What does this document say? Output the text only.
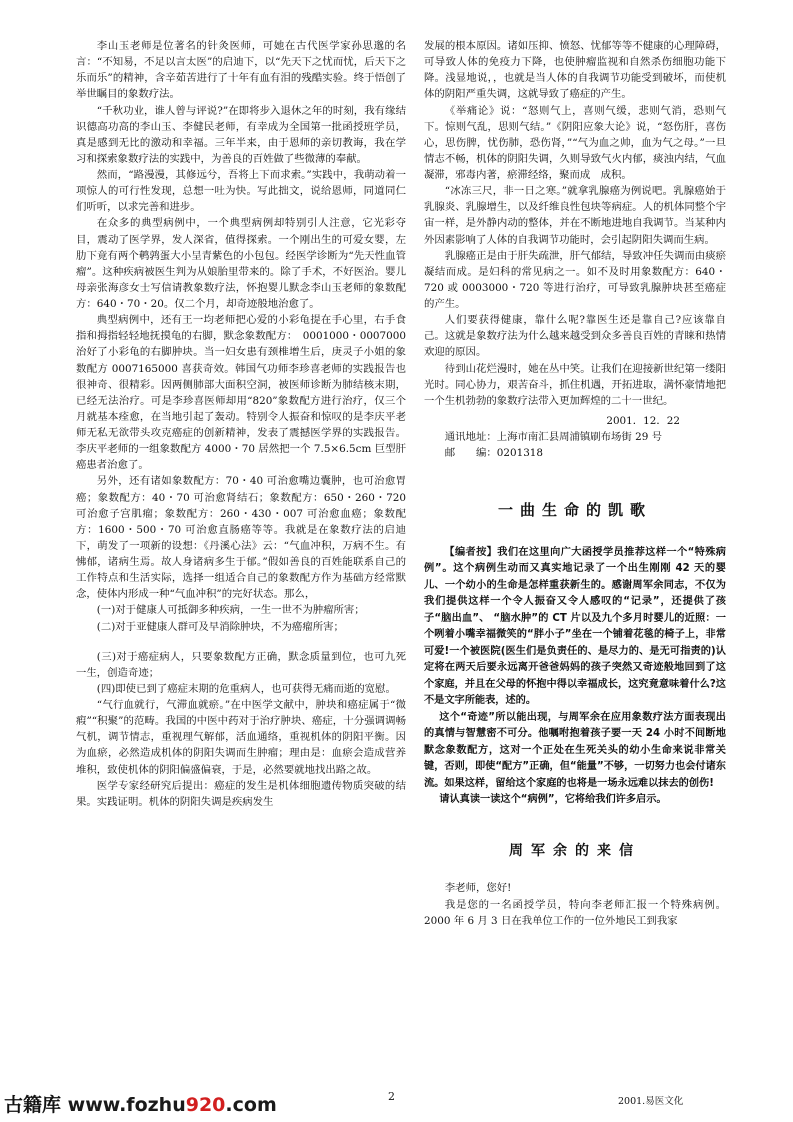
李山玉老师是位著名的针灸医师，可她在古代医学家孙思邈的名言：“不知易，不足以言太医”的启迪下，以“先天下之忧而忧，后天下之乐而乐”的精神，含辛茹苦进行了十年有血有泪的残酷实验。终于悟创了举世瞩目的象数疗法。

“千秋功业，谁人曾与评说?”在即将步入退休之年的时刻，我有缘结识德高功高的李山玉、李健民老师，有幸成为全国第一批函授班学员，真是感到无比的激动和幸福。三年半来，由于恩师的亲切教诲，我在学习和探索象数疗法的实践中，为善良的百姓做了些微薄的奉献。

然而，“路漫漫，其修远兮，吾将上下而求索。”实践中，我萌动着一项惊人的可行性发现，总想一吐为快。写此拙文，说给恩师，同道同仁们听听，以求完善和进步。

在众多的典型病例中，一个典型病例却特别引人注意，它光彩夺目，震动了医学界，发人深省，值得探索。一个刚出生的可爱女婴，左肋下竟有两个鹌鹑蛋大小呈青紫色的小包包。经医学诊断为“先天性血管瘤”。这种疾病被医生判为从娘胎里带来的。除了手术，不好医治。婴儿母亲张海彦女士写信请教象数疗法，怀抱婴儿默念李山玉老师的象数配方：640・70・20。仅二个月，却奇迹般地治愈了。

典型病例中，还有王一均老师把心爱的小彩龟提在手心里，右手食指和拇指轻轻地抚摸龟的右脚，默念象数配方：　0001000・0007000 治好了小彩龟的右脚肿块。当一妇女患有颈椎增生后，庚灵子小姐的象数配方 0007165000 喜获奇效。韩国气功师李珍喜老师的实践报告也很神奇、很精彩。因两侧肺部大面积空洞，被医师诊断为肺结核末期，已经无法治疗。可是李珍喜医师却用“820”象数配方进行治疗，仅三个月就基本痊愈，在当地引起了轰动。特别令人振奋和惊叹的是李庆平老师无私无欲带头攻克癌症的创新精神，发表了震撼医学界的实践报告。李庆平老师的一组象数配方 4000・70 居然把一个 7.5×6.5cm 巨型肝癌患者治愈了。

另外，还有诸如象数配方：70・40 可治愈嘴边囊肿，也可治愈胃癌；象数配方：40・70 可治愈肾结石；象数配方：650・260・720 可治愈子宫肌瘤；象数配方：260・430・007 可治愈血癌；象数配方：1600・500・70 可治愈直肠癌等等。我就是在象数疗法的启迪下，萌发了一项新的设想：《丹溪心法》云：“气血冲积，万病不生。有怫郁，诸病生焉。故人身诸病多生于郁。”假如善良的百姓能联系自己的工作特点和生活实际，选择一组适合自己的象数配方作为基础方经常默念，使体内形成一种“气血冲积”的完好状态。那么，

(一)对于健康人可抵御多种疾病，一生一世不为肿瘤所害；

(二)对于亚健康人群可及早消除肿块，不为癌瘤所害；

(三)对于癌症病人，只要象数配方正确，默念质量到位，也可九死一生，创造奇迹；

(四)即使已到了癌症末期的危重病人，也可获得无痛而逝的宽慰。

“气行血就行，气滞血就瘀。”在中医学文献中，肿块和癌症属于“微瘕”“积聚”的范畴。我国的中医中药对于治疗肿块、癌症，十分强调调畅气机，调节情志，重视理气解郁，活血通络，重视机体的阴阳平衡。因为血瘀，必然造成机体的阴阳失调而生肿瘤；理由是：血瘀会造成营养堆积，致使机体的阴阳偏盛偏衰，于是，必然要就地找出路之故。

医学专家经研究后提出：癌症的发生是机体细胞遗传物质突破的结果。实践证明。机体的阴阳失调是疾病发生

发展的根本原因。诸如压抑、愤怒、忧郁等等不健康的心理障碍，可导致人体的免疫力下降，也使肿瘤监视和自然杀伤细胞功能下降。浅显地说，，也就是当人体的自我调节功能受到破坏，而使机体的阴阳严重失调，这就导致了癌症的产生。

《举痛论》说：“怒则气上，喜则气缓，悲则气消，恐则气下。惊则气乱，思则气结。”《阴阳应象大论》说，“怒伤肝，喜伤心，思伤脾，忧伤肺，恐伤肾，”“气为血之帅，血为气之母。”一旦情志不畅，机体的阴阳失调，久则导致气火内郁，痰浊内结，气血凝滞，邪毒内著，瘀滞经络，聚而成　成积。

“冰冻三尺，非一日之寒。”就拿乳腺癌为例说吧。乳腺癌始于乳腺炎、乳腺增生，以及纤维良性包块等病症。人的机体同整个宇宙一样，是外静内动的整体，并在不断地进地自我调节。当某种内外因素影响了人体的自我调节功能时，会引起阴阳失调而生病。

乳腺癌正是由于肝失疏泄，肝气郁结，导致冲任失调而由痰瘀凝结而成。是妇科的常见病之一。如不及时用象数配方：640・720 或 0003000・720 等进行治疗，可导致乳腺肿块甚至癌症的产生。

人们要获得健康，靠什么呢?靠医生还是靠自己?应该靠自己。这就是象数疗法为什么越来越受到众多善良百姓的青睐和热情欢迎的原因。

待到山花烂漫时，她在丛中笑。让我们在迎接新世纪第一缕阳光时。同心协力，艰苦奋斗，抓住机遇，开拓进取，满怀豪情地把一个生机勃勃的象数疗法带入更加辉煌的二十一世纪。

2001．12．22

通讯地址：上海市南汇县周浦镇刷布场街 29 号

邮　　编：0201318

一曲生命的凯歌

【编者按】我们在这里向广大函授学员推荐这样一个“特殊病例”。这个病例生动而又真实地记录了一个出生刚刚 42 天的婴儿、一个幼小的生命是怎样重获新生的。感谢周军余同志，不仅为我们提供这样一个令人振奋又令人感叹的“记录”，还提供了孩子“脑出血”、 “脑水肿”的 CT 片以及九个多月时婴儿的近照：一个咧着小嘴幸福微笑的“胖小子”坐在一个铺着花毯的椅子上，非常可爱!一个被医院(医生们是负责任的、是尽力的、是无可指责的)认定将在两天后要永远离开爸爸妈妈的孩子突然又奇迹般地回到了这个家庭，并且在父母的怀抱中得以幸福成长，这究竟意味着什么?这不是文字所能表，述的。

这个“奇迹”所以能出现，与周军余在应用象数疗法方面表现出的真情与智慧密不可分。他嘱咐抱着孩子要一天 24 小时不间断地默念象数配方，这对一个正处在生死关头的幼小生命来说非常关键，否则，即使“配方”正确，但“能量”不够，一切努力也会付诸东流。如果这样，留给这个家庭的也将是一场永远难以抹去的创伤!

请认真读一读这个“病例”，它将给我们许多启示。

周军余的来信

李老师，您好!

我是您的一名函授学员，特向李老师汇报一个特殊病例。2000 年 6 月 3 日在我单位工作的一位外地民工到我家

古籍库 www.fozhu920.com	2	2001.易医文化
